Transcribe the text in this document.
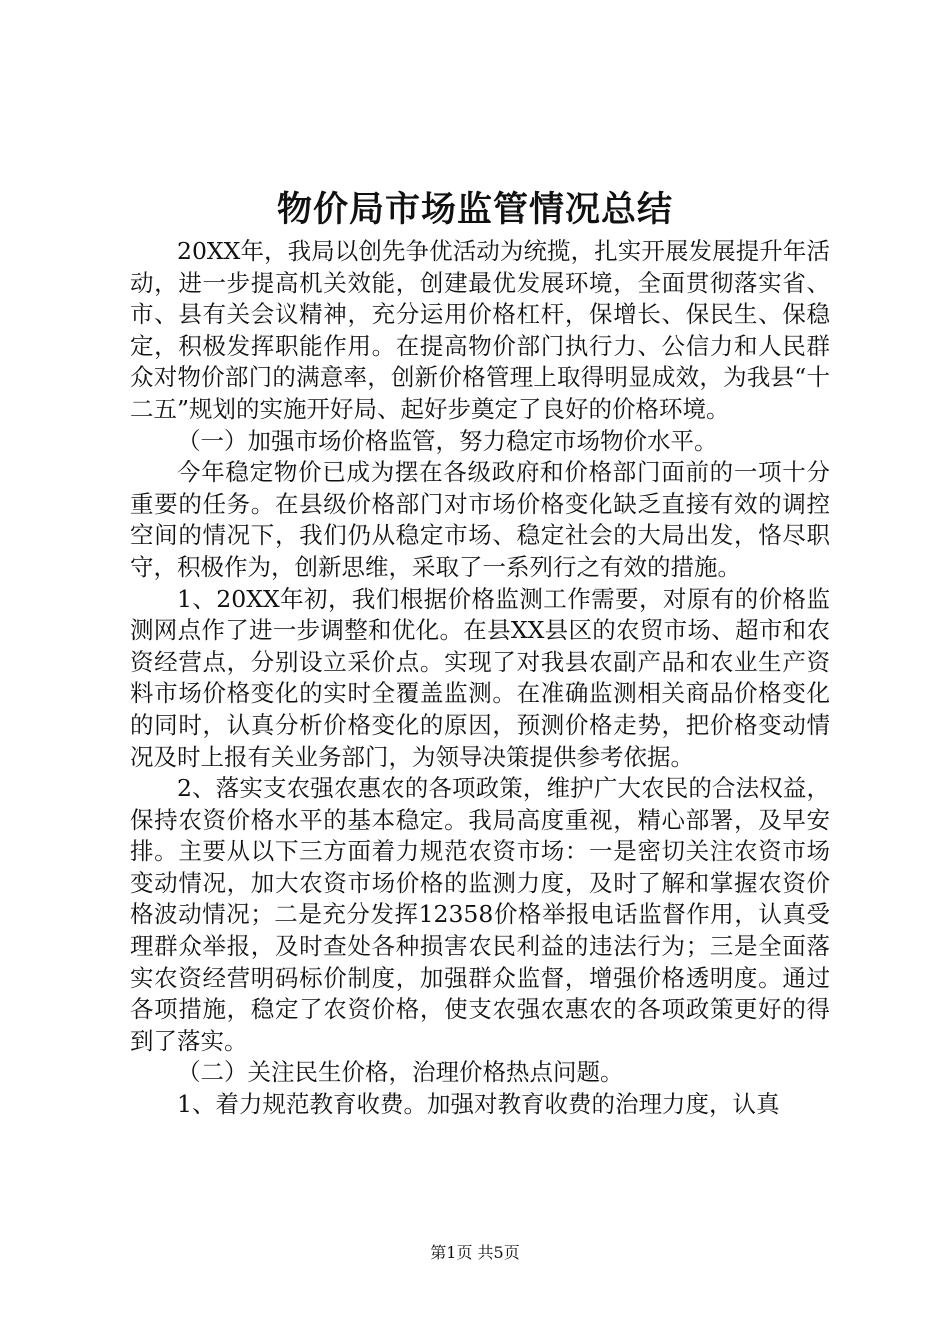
物价局市场监管情况总结

20XX年，我局以创先争优活动为统揽，扎实开展发展提升年活动，进一步提高机关效能，创建最优发展环境，全面贯彻落实省、市、县有关会议精神，充分运用价格杠杆，保增长、保民生、保稳定，积极发挥职能作用。在提高物价部门执行力、公信力和人民群众对物价部门的满意率，创新价格管理上取得明显成效，为我县“十二五”规划的实施开好局、起好步奠定了良好的价格环境。

（一）加强市场价格监管，努力稳定市场物价水平。

今年稳定物价已成为摆在各级政府和价格部门面前的一项十分重要的任务。在县级价格部门对市场价格变化缺乏直接有效的调控空间的情况下，我们仍从稳定市场、稳定社会的大局出发，恪尽职守，积极作为，创新思维，采取了一系列行之有效的措施。

1、20XX年初，我们根据价格监测工作需要，对原有的价格监测网点作了进一步调整和优化。在县XX县区的农贸市场、超市和农资经营点，分别设立采价点。实现了对我县农副产品和农业生产资料市场价格变化的实时全覆盖监测。在准确监测相关商品价格变化的同时，认真分析价格变化的原因，预测价格走势，把价格变动情况及时上报有关业务部门，为领导决策提供参考依据。

2、落实支农强农惠农的各项政策，维护广大农民的合法权益，保持农资价格水平的基本稳定。我局高度重视，精心部署，及早安排。主要从以下三方面着力规范农资市场：一是密切关注农资市场变动情况，加大农资市场价格的监测力度，及时了解和掌握农资价格波动情况；二是充分发挥12358价格举报电话监督作用，认真受理群众举报，及时查处各种损害农民利益的违法行为；三是全面落实农资经营明码标价制度，加强群众监督，增强价格透明度。通过各项措施，稳定了农资价格，使支农强农惠农的各项政策更好的得到了落实。

（二）关注民生价格，治理价格热点问题。

1、着力规范教育收费。加强对教育收费的治理力度，认真

第1页 共5页
